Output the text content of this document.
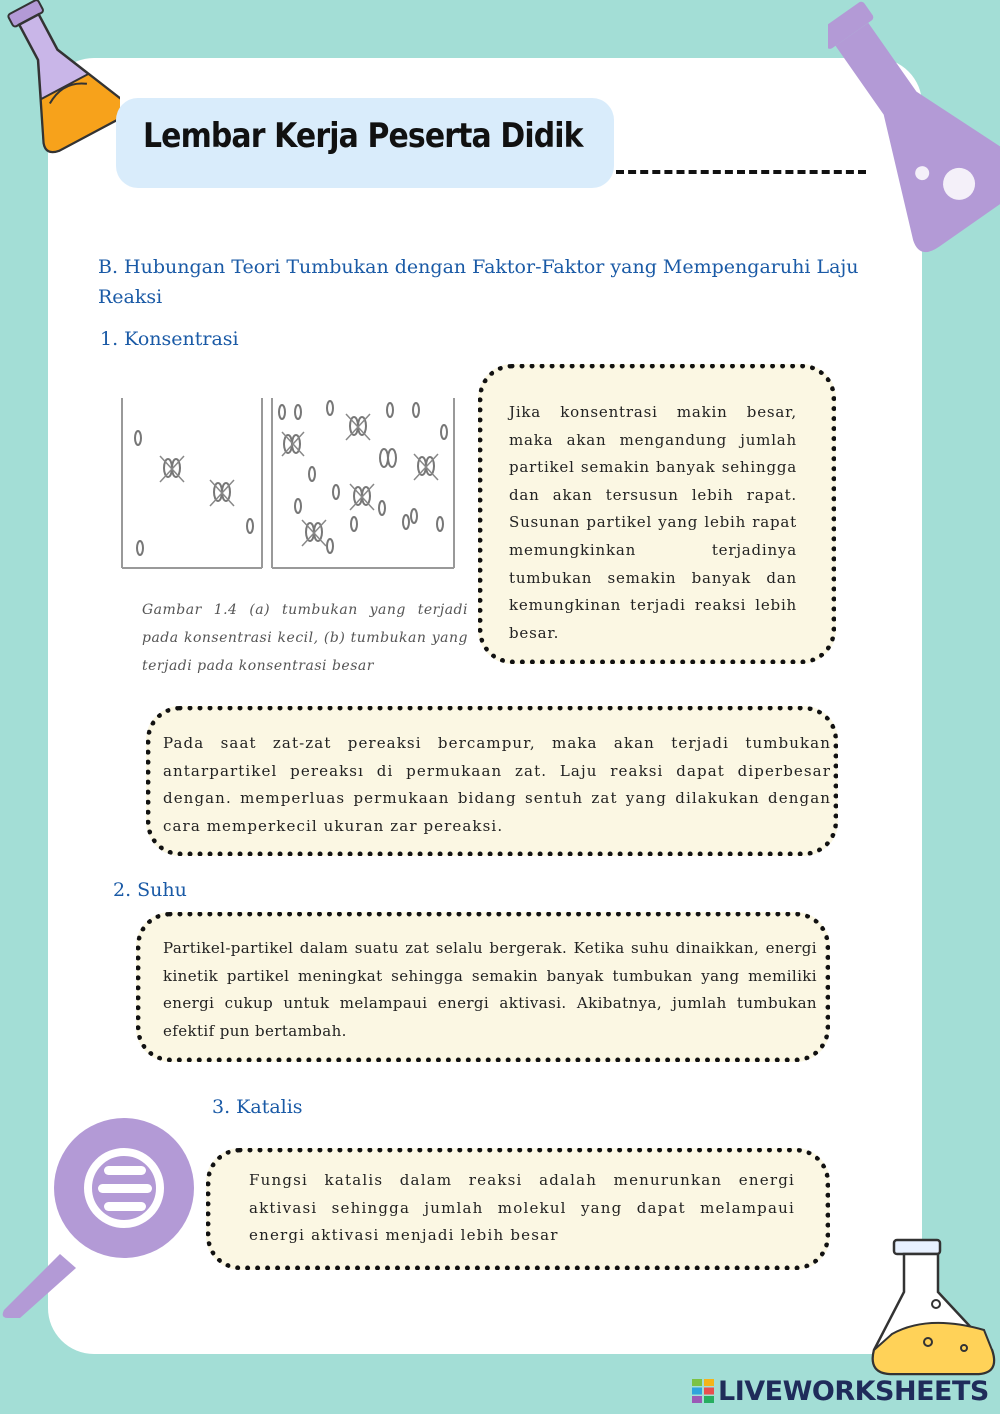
Lembar Kerja Peserta Didik
B. Hubungan Teori Tumbukan dengan Faktor-Faktor yang Mempengaruhi Laju Reaksi
1. Konsentrasi
Gambar 1.4 (a) tumbukan yang terjadi pada konsentrasi kecil, (b) tumbukan yang terjadi pada konsentrasi besar
Jika konsentrasi makin besar, maka akan mengandung jumlah partikel semakin banyak sehingga dan akan tersusun lebih rapat. Susunan partikel yang lebih rapat memungkinkan terjadinya tumbukan semakin banyak dan kemungkinan terjadi reaksi lebih besar.
Pada saat zat-zat pereaksi bercampur, maka akan terjadi tumbukan antarpartikel pereaksı di permukaan zat. Laju reaksi dapat diperbesar dengan. memperluas permukaan bidang sentuh zat yang dilakukan dengan cara memperkecil ukuran zar pereaksi.
2. Suhu
Partikel-partikel dalam suatu zat selalu bergerak. Ketika suhu dinaikkan, energi kinetik partikel meningkat sehingga semakin banyak tumbukan yang memiliki energi cukup untuk melampaui energi aktivasi. Akibatnya, jumlah tumbukan efektif pun bertambah.
3. Katalis
Fungsi katalis dalam reaksi adalah menurunkan energi aktivasi sehingga jumlah molekul yang dapat melampaui energi aktivasi menjadi lebih besar
LIVEWORKSHEETS
